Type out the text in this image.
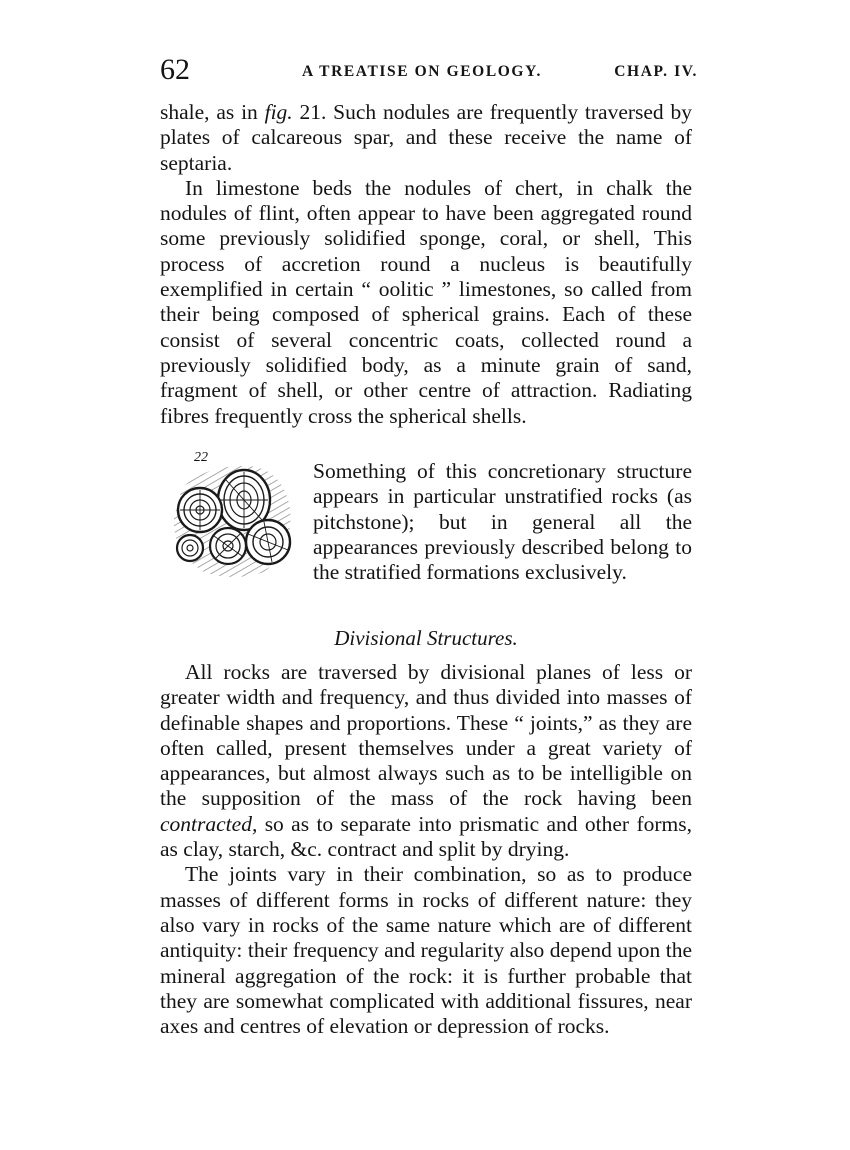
62	A TREATISE ON GEOLOGY.	CHAP. IV.

shale, as in fig. 21. Such nodules are frequently traversed by plates of calcareous spar, and these receive the name of septaria.

In limestone beds the nodules of chert, in chalk the nodules of flint, often appear to have been aggregated round some previously solidified sponge, coral, or shell, This process of accretion round a nucleus is beautifully exemplified in certain “ oolitic ” limestones, so called from their being composed of spherical grains. Each of these consist of several concentric coats, collected round a previously solidified body, as a minute grain of sand, fragment of shell, or other centre of attraction. Radiating fibres frequently cross the spherical shells.

22

Something of this concretionary structure appears in particular unstratified rocks (as pitchstone); but in general all the appearances previously described belong to the stratified formations exclusively.

Divisional Structures.

All rocks are traversed by divisional planes of less or greater width and frequency, and thus divided into masses of definable shapes and proportions. These “ joints,” as they are often called, present themselves under a great variety of appearances, but almost always such as to be intelligible on the supposition of the mass of the rock having been contracted, so as to separate into prismatic and other forms, as clay, starch, &c. contract and split by drying.

The joints vary in their combination, so as to produce masses of different forms in rocks of different nature: they also vary in rocks of the same nature which are of different antiquity: their frequency and regularity also depend upon the mineral aggregation of the rock: it is further probable that they are somewhat complicated with additional fissures, near axes and centres of elevation or depression of rocks.
